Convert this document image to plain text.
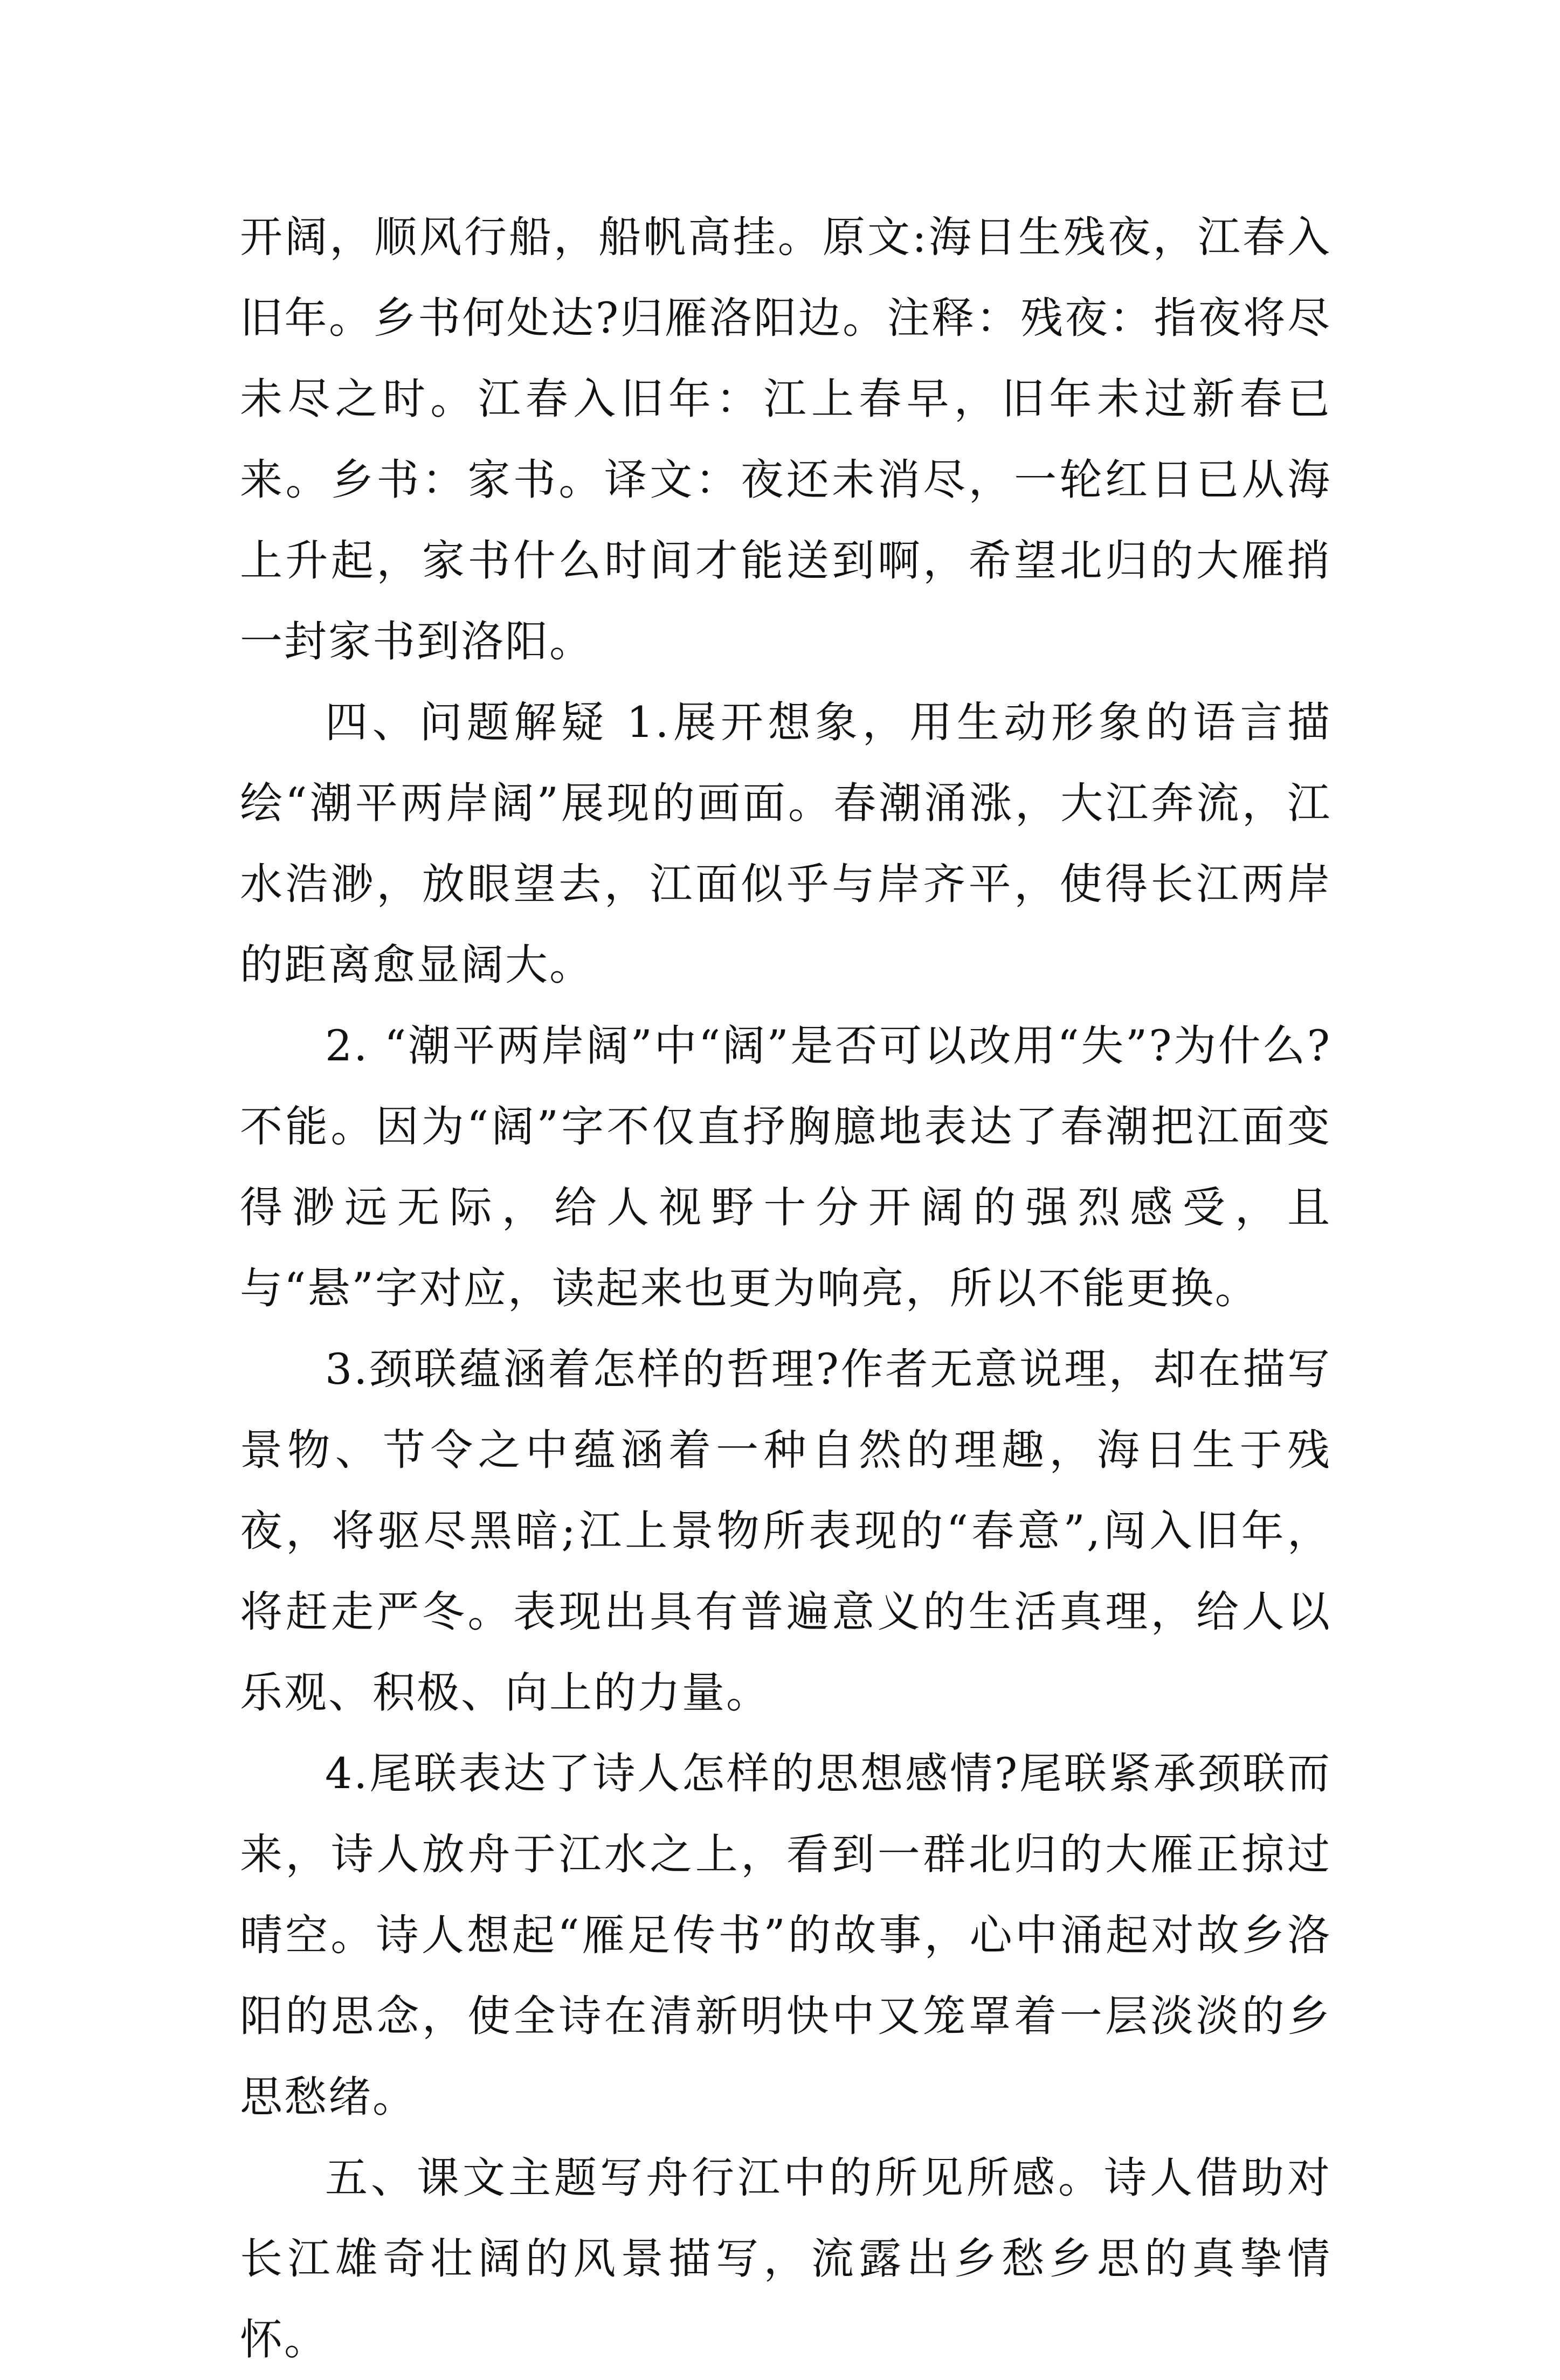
开阔，顺风行船，船帆高挂。原文:海日生残夜，江春入旧年。乡书何处达?归雁洛阳边。注释：残夜：指夜将尽未尽之时。江春入旧年：江上春早，旧年未过新春已来。乡书：家书。译文：夜还未消尽，一轮红日已从海上升起，家书什么时间才能送到啊，希望北归的大雁捎一封家书到洛阳。

四、问题解疑 1.展开想象，用生动形象的语言描绘“潮平两岸阔”展现的画面。春潮涌涨，大江奔流，江水浩渺，放眼望去，江面似乎与岸齐平，使得长江两岸的距离愈显阔大。

2. “潮平两岸阔”中“阔”是否可以改用“失”?为什么?不能。因为“阔”字不仅直抒胸臆地表达了春潮把江面变得渺远无际，给人视野十分开阔的强烈感受，且与“悬”字对应，读起来也更为响亮，所以不能更换。

3.颈联蕴涵着怎样的哲理?作者无意说理，却在描写景物、节令之中蕴涵着一种自然的理趣，海日生于残夜，将驱尽黑暗;江上景物所表现的“春意”,闯入旧年，将赶走严冬。表现出具有普遍意义的生活真理，给人以乐观、积极、向上的力量。

4.尾联表达了诗人怎样的思想感情?尾联紧承颈联而来，诗人放舟于江水之上，看到一群北归的大雁正掠过晴空。诗人想起“雁足传书”的故事，心中涌起对故乡洛阳的思念，使全诗在清新明快中又笼罩着一层淡淡的乡思愁绪。

五、课文主题写舟行江中的所见所感。诗人借助对长江雄奇壮阔的风景描写，流露出乡愁乡思的真挚情怀。
